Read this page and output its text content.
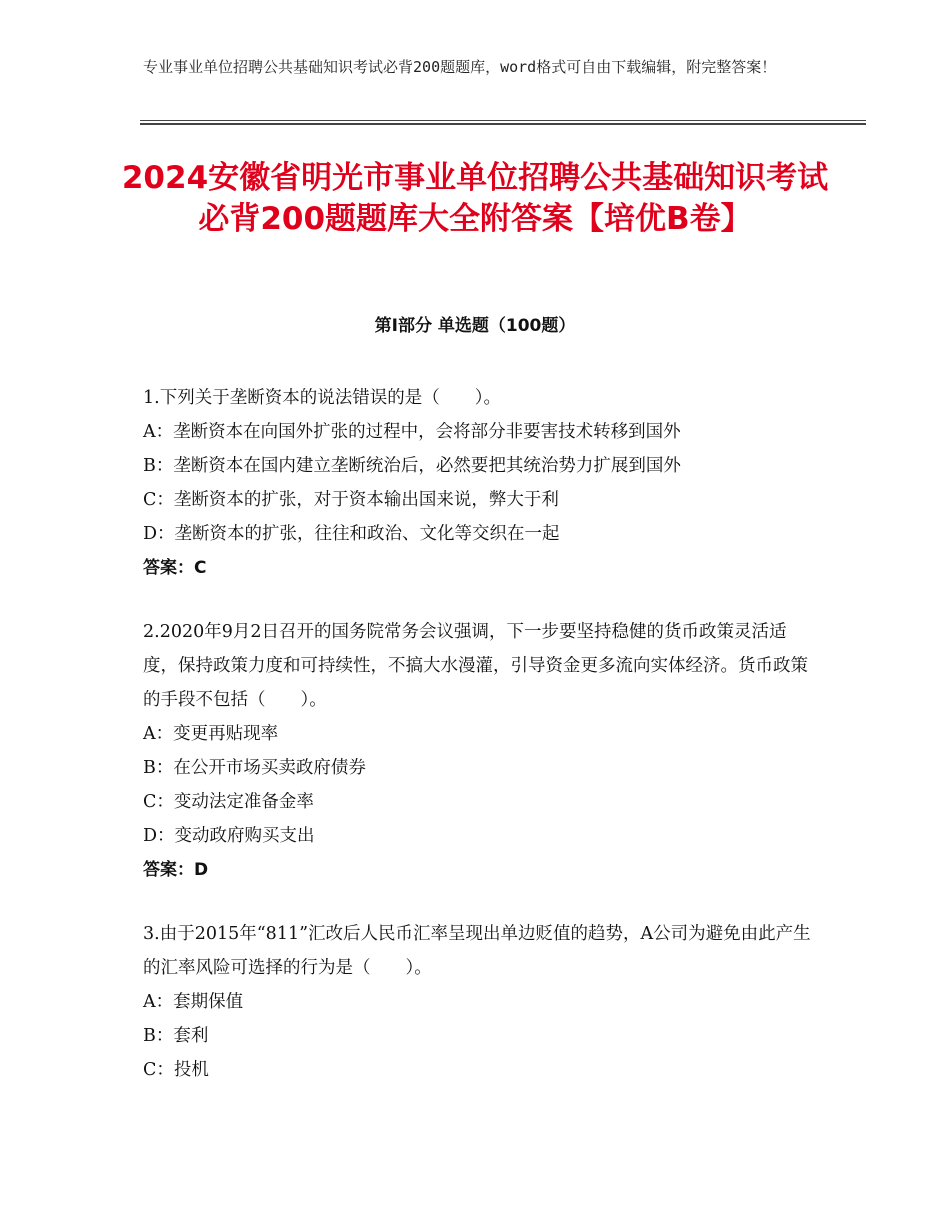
专业事业单位招聘公共基础知识考试必背200题题库，word格式可自由下载编辑，附完整答案！
2024安徽省明光市事业单位招聘公共基础知识考试必背200题题库大全附答案【培优B卷】
第Ⅰ部分 单选题（100题）

1.下列关于垄断资本的说法错误的是（　　）。

A：垄断资本在向国外扩张的过程中，会将部分非要害技术转移到国外

B：垄断资本在国内建立垄断统治后，必然要把其统治势力扩展到国外

C：垄断资本的扩张，对于资本输出国来说，弊大于利

D：垄断资本的扩张，往往和政治、文化等交织在一起

答案：C

2.2020年9月2日召开的国务院常务会议强调，下一步要坚持稳健的货币政策灵活适度，保持政策力度和可持续性，不搞大水漫灌，引导资金更多流向实体经济。货币政策的手段不包括（　　）。

A：变更再贴现率

B：在公开市场买卖政府债券

C：变动法定准备金率

D：变动政府购买支出

答案：D

3.由于2015年“811”汇改后人民币汇率呈现出单边贬值的趋势，A公司为避免由此产生的汇率风险可选择的行为是（　　）。

A：套期保值

B：套利

C：投机
